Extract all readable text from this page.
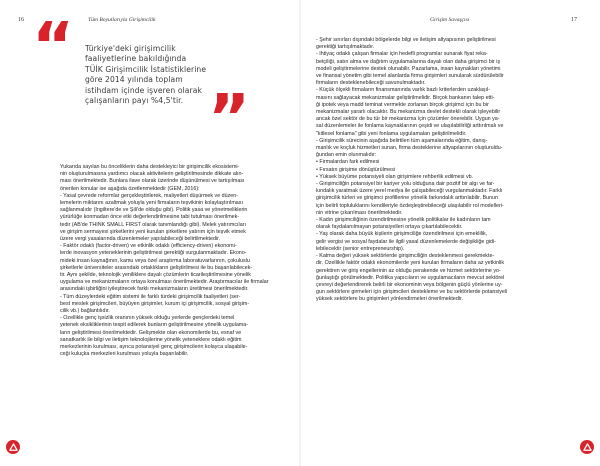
16	Tüm Boyutlarıyla Girişimcilik	Girişim Savaşçısı	17
“
”
Türkiye'deki girişimcilik
faaliyetlerine bakıldığında
TÜİK Girişimcilik İstatistiklerine
göre 2014 yılında toplam
istihdam içinde işveren olarak
çalışanların payı %4,5'tir.
Yukarıda sayılan bu önceliklerin daha destekleyici bir girişimcilik ekosistemi-
nin oluşturulmasına yardımcı olacak aktivitelerin geliştirilmesinde dikkate alın-
ması önerilmektedir. Bunlara ilave olarak üzerinde düşünülmesi ve tartışılması
önerilen konular ise aşağıda özetlenmektedir (GEM, 2016):
- Yasal çevrede reformlar gerçekleştirilerek, maliyetleri düşürmek ve düzen-
lemelerin miktarını azaltmak yoluyla yeni firmaların teşvikinin kolaylaştırılması
sağlanmalıdır (İngiltere'de ve Şili'de olduğu gibi). Politik yasa ve yönetmeliklerin
yürürlüğe konmadan önce etki değerlendirilmesine tabi tutulması önerilmek-
tedir (AB'de THINK SMALL FIRST olarak tanımlandığı gibi). Melek yatırımcıları
ve girişim sermayesi şirketlerini yeni kurulan şirketlere yatırım için teşvik etmek
üzere vergi yasalarında düzenlemeler yapılabileceği belirtilmektedir.
- Faktör odaklı (factor-driven) ve etkinlik odaklı (efficiency-driven) ekonomi-
lerde inovasyon yeteneklerinin geliştirilmesi gerektiği vurgulanmaktadır. Ekono-
mideki insan kaynağının, kamu veya özel araştırma laboratuvarlarının, çokuluslu
şirketlerle üniversiteler arasındaki ortaklıkların geliştirilmesi ile bu başarılabilecek-
tir. Aynı şekilde, teknolojik yeniliklere dayalı çözümlerin ticarileştirilmesine yönelik
uygulama ve mekanizmaların ortaya konulması önerilmektedir. Araştırmacılar ile firmalar
arasındaki işbirliğini iyileştirecek farklı mekanizmaların üretilmesi önerilmektedir.
- Tüm düzeylerdeki eğitim sistemi ile farklı türdeki girişimcilik faaliyetleri (ser-
best meslek girişimcileri, büyüyen girişimler, kurum içi girişimcilik, sosyal girişim-
cilik vb.) bağlantılıdır.
- Özellikle genç işsizlik oranının yüksek olduğu yerlerde gençlerdeki temel
yetenek eksikliklerinin tespit edilerek bunların geliştirilmesine yönelik uygulama-
ların geliştirilmesi önerilmektedir. Gelişmekte olan ekonomilerde bu, esnaf ve
sanatkarlık ile bilgi ve iletişim teknolojilerine yönelik yeteneklere odaklı eğitim
merkezlerinin kurulması, ayrıca potansiyel genç girişimcilerin kolayca ulaşabile-
ceği kuluçka merkezleri kurulması yoluyla başarılabilir.
- Şehir sınırları dışındaki bölgelerde bilgi ve iletişim altyapısının geliştirilmesi
gerektiği tartışılmaktadır.
- İhtiyaç odaklı çalışan firmalar için hedefli programlar sunarak fiyat reka-
betçiliği, satın alma ve dağıtım uygulamalarına dayalı olan daha girişimci bir iş
modeli geliştirmelerine destek olunabilir. Pazarlama, insan kaynakları yönetimi
ve finansal yönetim gibi temel alanlarda firma girişimleri sunularak sürdürülebilir
firmaların desteklenebileceği savunulmaktadır.
- Küçük ölçekli firmaların finansmanında varlık bazlı kriterlerden uzaklaşıl-
masını sağlayacak mekanizmalar geliştirilmelidir. Birçok bankanın talep etti-
ği ipotek veya madd teminat vermekte zorlanan birçok girişimci için bu bir
mekanizmalar yararlı olacaktır. Bu mekanizma devlet destekli olarak işleyebilir
ancak özel sektör de bu tür bir mekanizma için çözümler önerebilir. Uygun ya-
sal düzenlemeler ile fonlama kaynaklarının çeşidi ve ulaşılabilirliği arttırılmalı ve
"kitlesel fonlama" gibi yeni fonlama uygulamaları geliştirilmelidir.
- Girişimcilik sürecinin aşağıda belirtilen tüm aşamalarında eğitim, danış-
manlık ve koçluk hizmetleri sunan, firma desteklerine altyapılarının oluşturuldu-
ğundan emin olunmalıdır:
• Firmalardan fark edilmesi
• Fırsatın girişime dönüştürülmesi
• Yüksek büyüme potansiyeli olan girişimlere rehberlik edilmesi vb.
- Girişimciliğin potansiyel bir kariyer yolu olduğuna dair pozitif bir algı ve far-
kındalık yaratmak üzere yerel medya ile çalışabileceği vurgulanmaktadır. Farklı
girişimcilik türleri ve girişimci profillerine yönelik farkındalık arttırılabilir. Bunun
için belirli topluluklarını kendileriyle özdeşleştirebileceği ulaşılabilir rol modelleri-
nin vitrine çıkarılması önerilmektedir.
- Kadın girişimciliğinin özendirilmesine yönelik politikalar ile kadınların tam
olarak faydalanılmayan potansiyelleri ortaya çıkartılabilecektir.
- Yaş olarak daha büyük kişilerin girişimciliğe özendirilmesi için emeklilik,
gelir vergisi ve sosyal faydalar ile ilgili yasal düzenlemelerde değişikliğe gidi-
lebilecektir (senior entrepreneurship).
- Katma değeri yüksek sektörlerde girişimciliğin desteklenmesi gerekmekte-
dir. Özellikle faktör odaklı ekonomilerde yeni kurulan firmaların daha az yetkinlik
gerektiren ve giriş engellerinin az olduğu perakende ve hizmet sektörlerine yo-
ğunlaştığı görülmektedir. Politika yapıcıların ve uygulamacıların mevcut sektörel
çevreyi değerlendirerek belirli bir ekonominin veya bölgenin güçlü yönlerine uy-
gun sektörlere girmeleri için girişimcileri destekleme ve bu sektörlerde potansiyeli
yüksek sektörlere bu girişimleri yönlendirmeleri önerilmektedir.
